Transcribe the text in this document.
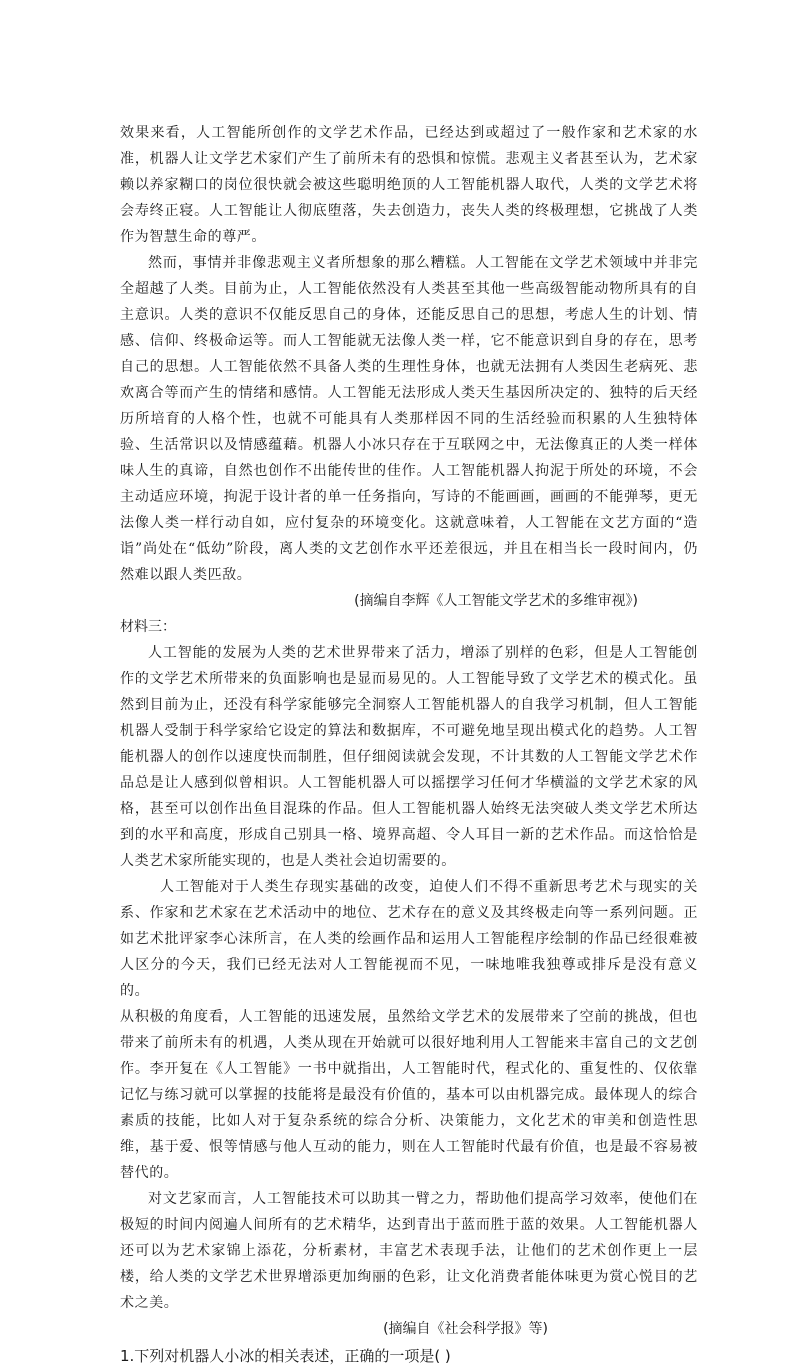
效果来看，人工智能所创作的文学艺术作品，已经达到或超过了一般作家和艺术家的水准，机器人让文学艺术家们产生了前所未有的恐惧和惊慌。悲观主义者甚至认为，艺术家赖以养家糊口的岗位很快就会被这些聪明绝顶的人工智能机器人取代，人类的文学艺术将会寿终正寝。人工智能让人彻底堕落，失去创造力，丧失人类的终极理想，它挑战了人类作为智慧生命的尊严。

然而，事情并非像悲观主义者所想象的那么糟糕。人工智能在文学艺术领域中并非完全超越了人类。目前为止，人工智能依然没有人类甚至其他一些高级智能动物所具有的自主意识。人类的意识不仅能反思自己的身体，还能反思自己的思想，考虑人生的计划、情感、信仰、终极命运等。而人工智能就无法像人类一样，它不能意识到自身的存在，思考自己的思想。人工智能依然不具备人类的生理性身体，也就无法拥有人类因生老病死、悲欢离合等而产生的情绪和感情。人工智能无法形成人类天生基因所决定的、独特的后天经历所培育的人格个性，也就不可能具有人类那样因不同的生活经验而积累的人生独特体验、生活常识以及情感蕴藉。机器人小冰只存在于互联网之中，无法像真正的人类一样体味人生的真谛，自然也创作不出能传世的佳作。人工智能机器人拘泥于所处的环境，不会主动适应环境，拘泥于设计者的单一任务指向，写诗的不能画画，画画的不能弹琴，更无法像人类一样行动自如，应付复杂的环境变化。这就意味着，人工智能在文艺方面的“造诣”尚处在“低幼”阶段，离人类的文艺创作水平还差很远，并且在相当长一段时间内，仍然难以跟人类匹敌。

(摘编自李辉《人工智能文学艺术的多维审视》)

材料三：

人工智能的发展为人类的艺术世界带来了活力，增添了别样的色彩，但是人工智能创作的文学艺术所带来的负面影响也是显而易见的。人工智能导致了文学艺术的模式化。虽然到目前为止，还没有科学家能够完全洞察人工智能机器人的自我学习机制，但人工智能机器人受制于科学家给它设定的算法和数据库，不可避免地呈现出模式化的趋势。人工智能机器人的创作以速度快而制胜，但仔细阅读就会发现，不计其数的人工智能文学艺术作品总是让人感到似曾相识。人工智能机器人可以摇摆学习任何才华横溢的文学艺术家的风格，甚至可以创作出鱼目混珠的作品。但人工智能机器人始终无法突破人类文学艺术所达到的水平和高度，形成自己别具一格、境界高超、令人耳目一新的艺术作品。而这恰恰是人类艺术家所能实现的，也是人类社会迫切需要的。

人工智能对于人类生存现实基础的改变，迫使人们不得不重新思考艺术与现实的关系、作家和艺术家在艺术活动中的地位、艺术存在的意义及其终极走向等一系列问题。正如艺术批评家李心沫所言，在人类的绘画作品和运用人工智能程序绘制的作品已经很难被人区分的今天，我们已经无法对人工智能视而不见，一味地唯我独尊或排斥是没有意义的。

从积极的角度看，人工智能的迅速发展，虽然给文学艺术的发展带来了空前的挑战，但也带来了前所未有的机遇，人类从现在开始就可以很好地利用人工智能来丰富自己的文艺创作。李开复在《人工智能》一书中就指出，人工智能时代，程式化的、重复性的、仅依靠记忆与练习就可以掌握的技能将是最没有价值的，基本可以由机器完成。最体现人的综合素质的技能，比如人对于复杂系统的综合分析、决策能力，文化艺术的审美和创造性思维，基于爱、恨等情感与他人互动的能力，则在人工智能时代最有价值，也是最不容易被替代的。

对文艺家而言，人工智能技术可以助其一臂之力，帮助他们提高学习效率，使他们在极短的时间内阅遍人间所有的艺术精华，达到青出于蓝而胜于蓝的效果。人工智能机器人还可以为艺术家锦上添花，分析素材，丰富艺术表现手法，让他们的艺术创作更上一层楼，给人类的文学艺术世界增添更加绚丽的色彩，让文化消费者能体味更为赏心悦目的艺术之美。

(摘编自《社会科学报》等)

1.下列对机器人小冰的相关表述，正确的一项是( )
